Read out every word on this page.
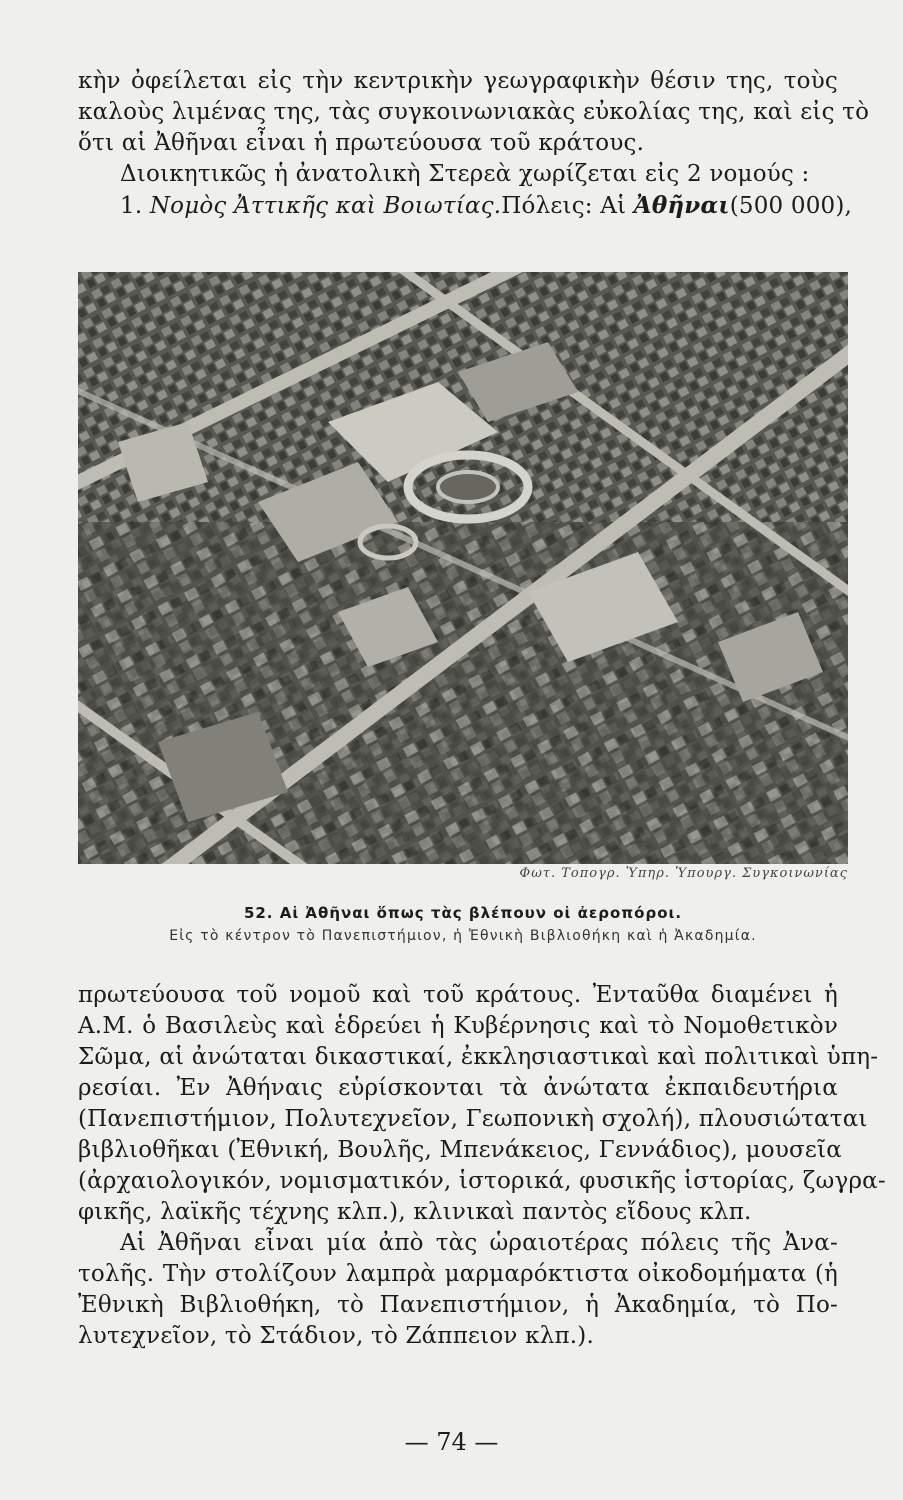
κὴν ὀφείλεται εἰς τὴν κεντρικὴν γεωγραφικὴν θέσιν της, τοὺς
καλοὺς λιμένας της, τὰς συγκοινωνιακὰς εὐκολίας της, καὶ εἰς τὸ
ὅτι αἱ Ἀθῆναι εἶναι ἡ πρωτεύουσα τοῦ κράτους.
Διοικητικῶς ἡ ἀνατολικὴ Στερεὰ χωρίζεται εἰς 2 νομούς :
1. Νομὸς Ἀττικῆς καὶ Βοιωτίας.Πόλεις: Αἱ Ἀθῆναι(500 000),
Φωτ. Τοπογρ. Ὑπηρ. Ὑπουργ. Συγκοινωνίας
52. Αἱ Ἀθῆναι ὅπως τὰς βλέπουν οἱ ἀεροπόροι.
Εἰς τὸ κέντρον τὸ Πανεπιστήμιον, ἡ Ἐθνικὴ Βιβλιοθήκη καὶ ἡ Ἀκαδημία.
πρωτεύουσα τοῦ νομοῦ καὶ τοῦ κράτους. Ἐνταῦθα διαμένει ἡ
Α.Μ. ὁ Βασιλεὺς καὶ ἑδρεύει ἡ Κυβέρνησις καὶ τὸ Νομοθετικὸν
Σῶμα, αἱ ἀνώταται δικαστικαί, ἐκκλησιαστικαὶ καὶ πολιτικαὶ ὑπη-
ρεσίαι. Ἐν Ἀθήναις εὑρίσκονται τὰ ἀνώτατα ἐκπαιδευτήρια
(Πανεπιστήμιον, Πολυτεχνεῖον, Γεωπονικὴ σχολή), πλουσιώταται
βιβλιοθῆκαι (Ἐθνική, Βουλῆς, Μπενάκειος, Γεννάδιος), μουσεῖα
(ἀρχαιολογικόν, νομισματικόν, ἱστορικά, φυσικῆς ἱστορίας, ζωγρα-
φικῆς, λαϊκῆς τέχνης κλπ.), κλινικαὶ παντὸς εἴδους κλπ.
Αἱ Ἀθῆναι εἶναι μία ἀπὸ τὰς ὡραιοτέρας πόλεις τῆς Ἀνα-
τολῆς. Τὴν στολίζουν λαμπρὰ μαρμαρόκτιστα οἰκοδομήματα (ἡ
Ἐθνικὴ Βιβλιοθήκη, τὸ Πανεπιστήμιον, ἡ Ἀκαδημία, τὸ Πο-
λυτεχνεῖον, τὸ Στάδιον, τὸ Ζάππειον κλπ.).
— 74 —
